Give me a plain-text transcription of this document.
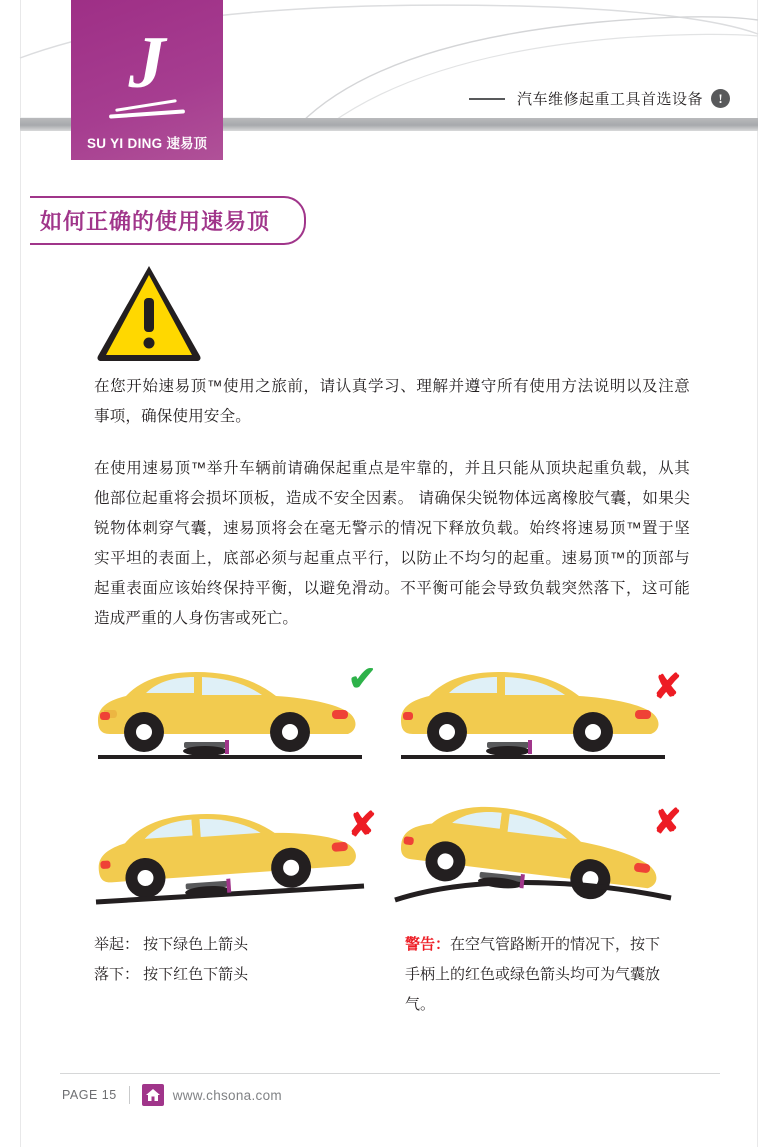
J
SU YI DING 速易顶
汽车维修起重工具首选设备	!
如何正确的使用速易顶
在您开始速易顶™使用之旅前，请认真学习、理解并遵守所有使用方法说明以及注意事项，确保使用安全。
在使用速易顶™举升车辆前请确保起重点是牢靠的，并且只能从顶块起重负载，从其他部位起重将会损坏顶板，造成不安全因素。 请确保尖锐物体远离橡胶气囊，如果尖锐物体刺穿气囊，速易顶将会在毫无警示的情况下释放负载。始终将速易顶™置于坚实平坦的表面上，底部必须与起重点平行，以防止不均匀的起重。速易顶™的顶部与起重表面应该始终保持平衡，以避免滑动。不平衡可能会导致负载突然落下，这可能造成严重的人身伤害或死亡。
✔	✘
✘	✘
举起： 按下绿色上箭头
落下： 按下红色下箭头
警告：在空气管路断开的情况下，按下手柄上的红色或绿色箭头均可为气囊放气。
PAGE 15	www.chsona.com
